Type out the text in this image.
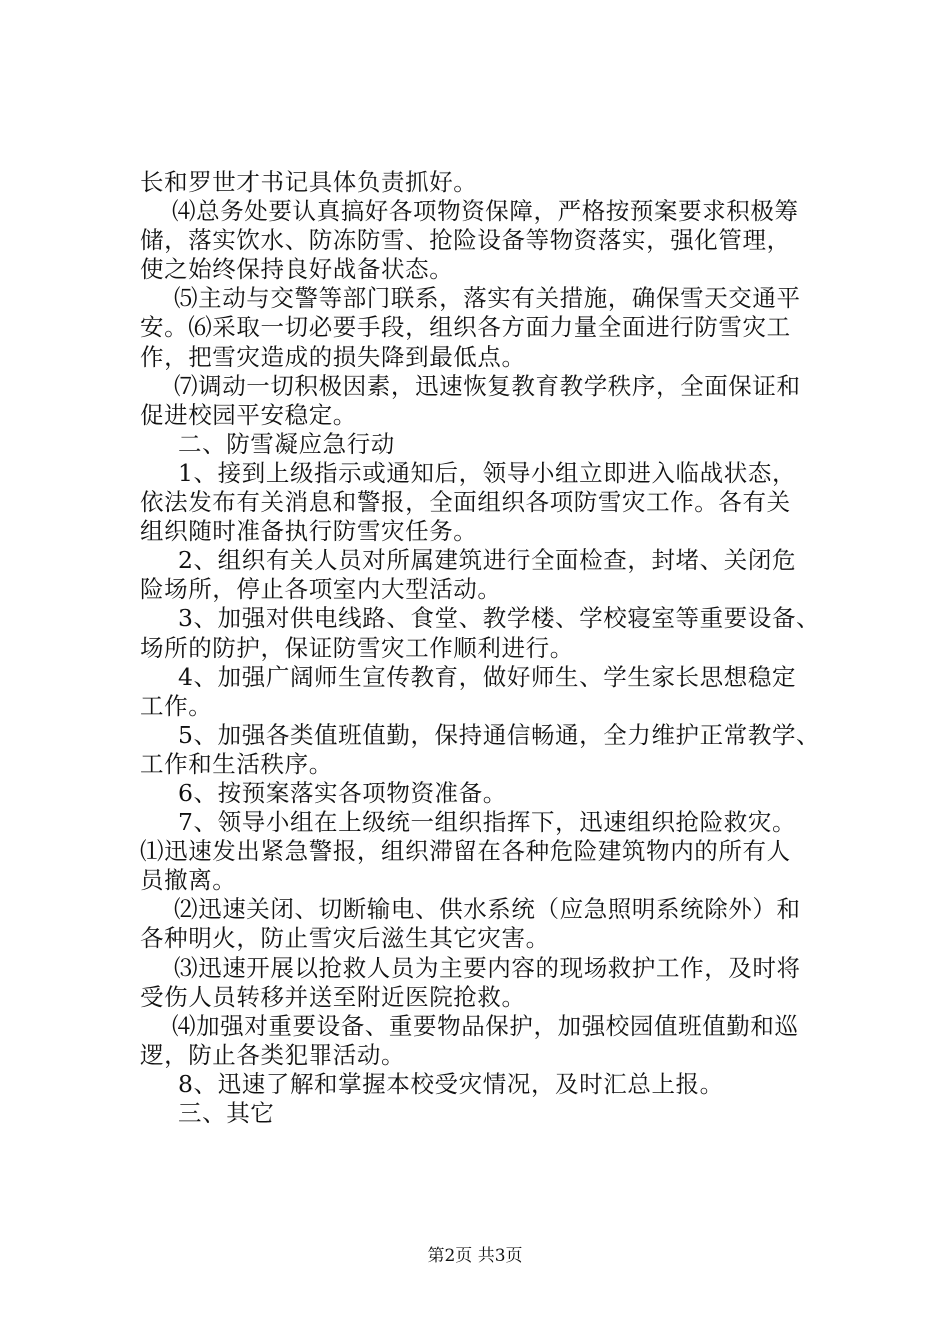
长和罗世才书记具体负责抓好。
⑷总务处要认真搞好各项物资保障，严格按预案要求积极筹
储，落实饮水、防冻防雪、抢险设备等物资落实，强化管理，
使之始终保持良好战备状态。
⑸主动与交警等部门联系，落实有关措施，确保雪天交通平
安。⑹采取一切必要手段，组织各方面力量全面进行防雪灾工
作，把雪灾造成的损失降到最低点。
⑺调动一切积极因素，迅速恢复教育教学秩序，全面保证和
促进校园平安稳定。
二、防雪凝应急行动
1、接到上级指示或通知后，领导小组立即进入临战状态，
依法发布有关消息和警报，全面组织各项防雪灾工作。各有关
组织随时准备执行防雪灾任务。
2、组织有关人员对所属建筑进行全面检查，封堵、关闭危
险场所，停止各项室内大型活动。
3、加强对供电线路、食堂、教学楼、学校寝室等重要设备、
场所的防护，保证防雪灾工作顺利进行。
4、加强广阔师生宣传教育，做好师生、学生家长思想稳定
工作。
5、加强各类值班值勤，保持通信畅通，全力维护正常教学、
工作和生活秩序。
6、按预案落实各项物资准备。
7、领导小组在上级统一组织指挥下，迅速组织抢险救灾。
⑴迅速发出紧急警报，组织滞留在各种危险建筑物内的所有人
员撤离。
⑵迅速关闭、切断输电、供水系统（应急照明系统除外）和
各种明火，防止雪灾后滋生其它灾害。
⑶迅速开展以抢救人员为主要内容的现场救护工作，及时将
受伤人员转移并送至附近医院抢救。
⑷加强对重要设备、重要物品保护，加强校园值班值勤和巡
逻，防止各类犯罪活动。
8、迅速了解和掌握本校受灾情况，及时汇总上报。
三、其它
第2页 共3页
